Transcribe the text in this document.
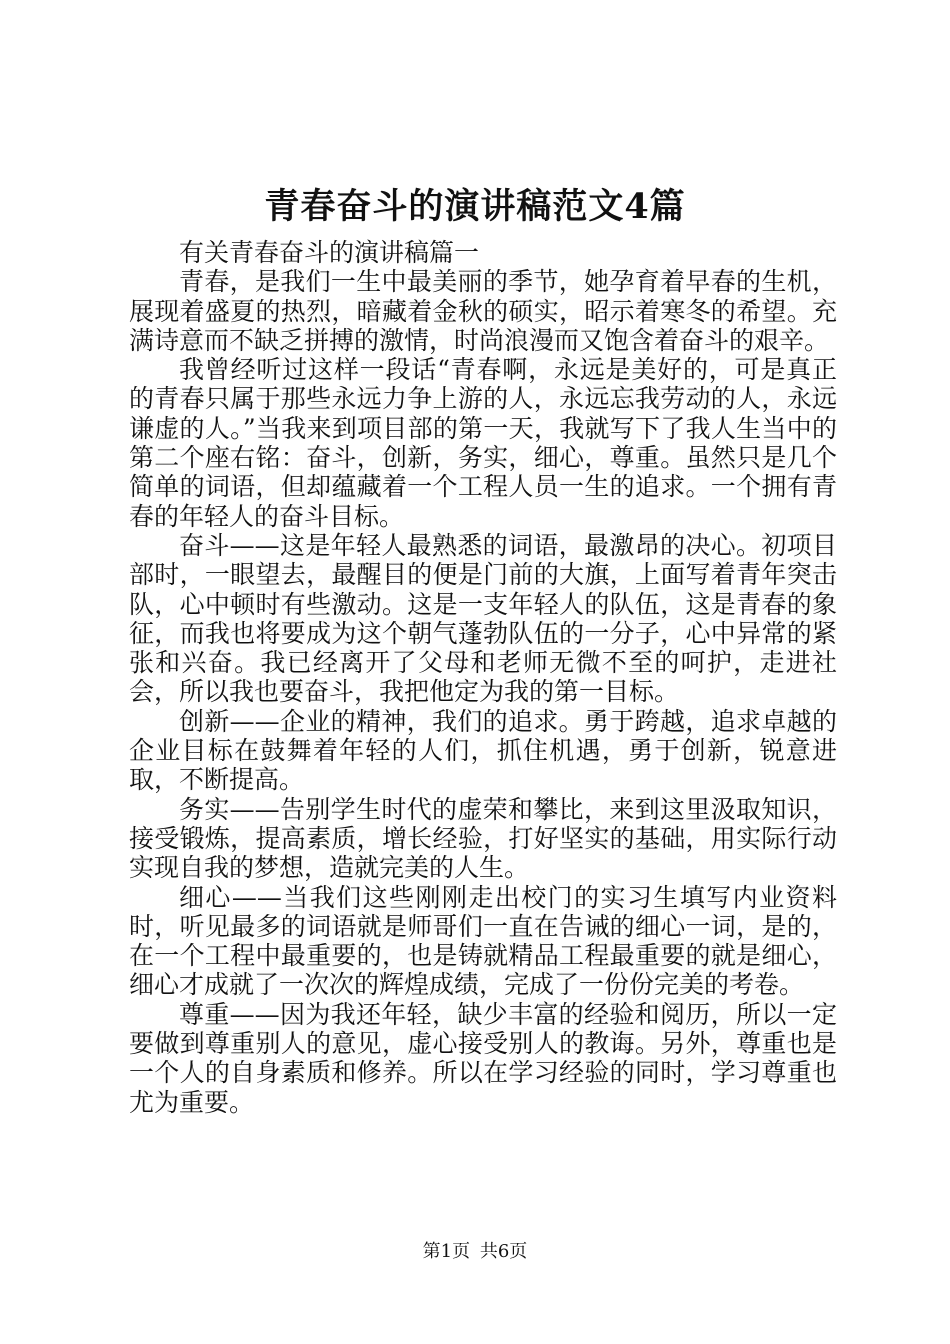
青春奋斗的演讲稿范文4篇

有关青春奋斗的演讲稿篇一

青春，是我们一生中最美丽的季节，她孕育着早春的生机，展现着盛夏的热烈，暗藏着金秋的硕实，昭示着寒冬的希望。充满诗意而不缺乏拼搏的激情，时尚浪漫而又饱含着奋斗的艰辛。

我曾经听过这样一段话“青春啊，永远是美好的，可是真正的青春只属于那些永远力争上游的人，永远忘我劳动的人，永远谦虚的人。”当我来到项目部的第一天，我就写下了我人生当中的第二个座右铭：奋斗，创新，务实，细心，尊重。虽然只是几个简单的词语，但却蕴藏着一个工程人员一生的追求。一个拥有青春的年轻人的奋斗目标。

奋斗——这是年轻人最熟悉的词语，最激昂的决心。初项目部时，一眼望去，最醒目的便是门前的大旗，上面写着青年突击队，心中顿时有些激动。这是一支年轻人的队伍，这是青春的象征，而我也将要成为这个朝气蓬勃队伍的一分子，心中异常的紧张和兴奋。我已经离开了父母和老师无微不至的呵护，走进社会，所以我也要奋斗，我把他定为我的第一目标。

创新——企业的精神，我们的追求。勇于跨越，追求卓越的企业目标在鼓舞着年轻的人们，抓住机遇，勇于创新，锐意进取，不断提高。

务实——告别学生时代的虚荣和攀比，来到这里汲取知识，接受锻炼，提高素质，增长经验，打好坚实的基础，用实际行动实现自我的梦想，造就完美的人生。

细心——当我们这些刚刚走出校门的实习生填写内业资料时，听见最多的词语就是师哥们一直在告诫的细心一词，是的，在一个工程中最重要的，也是铸就精品工程最重要的就是细心，细心才成就了一次次的辉煌成绩，完成了一份份完美的考卷。

尊重——因为我还年轻，缺少丰富的经验和阅历，所以一定要做到尊重别人的意见，虚心接受别人的教诲。另外，尊重也是一个人的自身素质和修养。所以在学习经验的同时，学习尊重也尤为重要。

第1页 共6页
